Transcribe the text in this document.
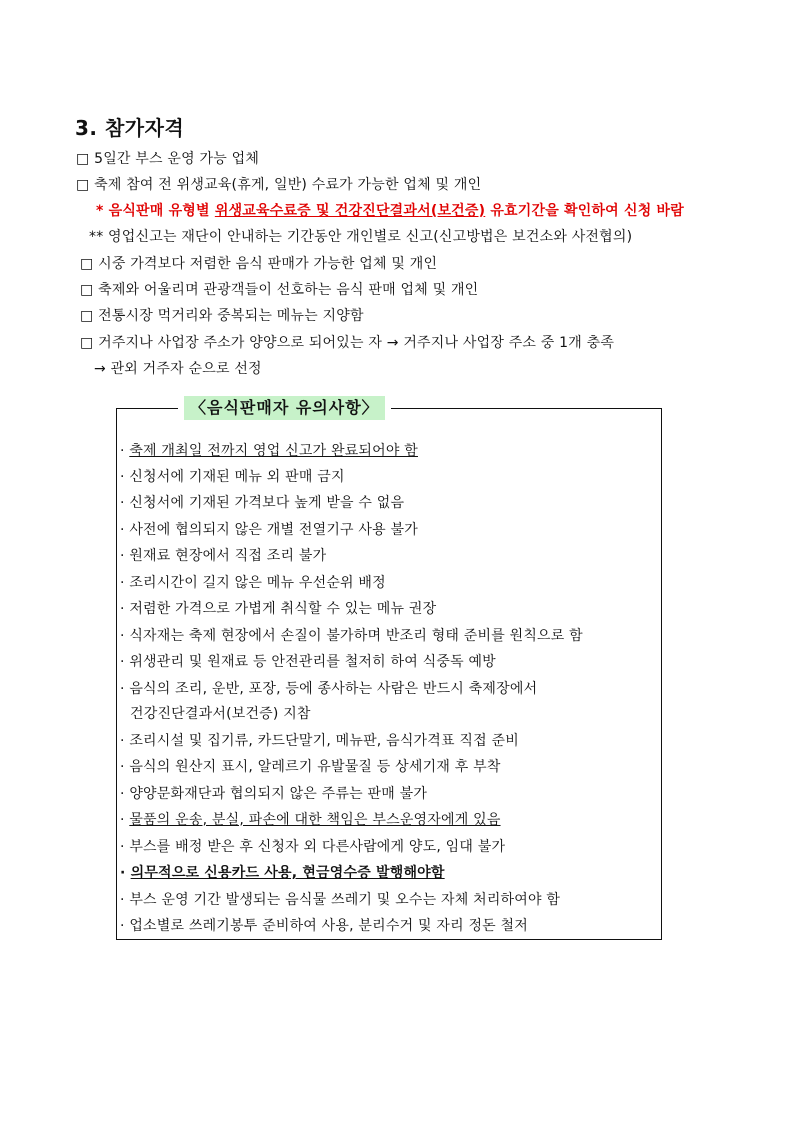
3. 참가자격
□ 5일간 부스 운영 가능 업체
□ 축제 참여 전 위생교육(휴게, 일반) 수료가 가능한 업체 및 개인
* 음식판매 유형별 위생교육수료증 및 건강진단결과서(보건증) 유효기간을 확인하여 신청 바람
** 영업신고는 재단이 안내하는 기간동안 개인별로 신고(신고방법은 보건소와 사전협의)
□ 시중 가격보다 저렴한 음식 판매가 가능한 업체 및 개인
□ 축제와 어울리며 관광객들이 선호하는 음식 판매 업체 및 개인
□ 전통시장 먹거리와 중복되는 메뉴는 지양함
□ 거주지나 사업장 주소가 양양으로 되어있는 자 → 거주지나 사업장 주소 중 1개 충족
→ 관외 거주자 순으로 선정
〈음식판매자 유의사항〉
· 축제 개최일 전까지 영업 신고가 완료되어야 함
· 신청서에 기재된 메뉴 외 판매 금지
· 신청서에 기재된 가격보다 높게 받을 수 없음
· 사전에 협의되지 않은 개별 전열기구 사용 불가
· 원재료 현장에서 직접 조리 불가
· 조리시간이 길지 않은 메뉴 우선순위 배정
· 저렴한 가격으로 가볍게 취식할 수 있는 메뉴 권장
· 식자재는 축제 현장에서 손질이 불가하며 반조리 형태 준비를 원칙으로 함
· 위생관리 및 원재료 등 안전관리를 철저히 하여 식중독 예방
· 음식의 조리, 운반, 포장, 등에 종사하는 사람은 반드시 축제장에서
건강진단결과서(보건증) 지참
· 조리시설 및 집기류, 카드단말기, 메뉴판, 음식가격표 직접 준비
· 음식의 원산지 표시, 알레르기 유발물질 등 상세기재 후 부착
· 양양문화재단과 협의되지 않은 주류는 판매 불가
· 물품의 운송, 분실, 파손에 대한 책임은 부스운영자에게 있음
· 부스를 배정 받은 후 신청자 외 다른사람에게 양도, 임대 불가
· 의무적으로 신용카드 사용, 현금영수증 발행해야함
· 부스 운영 기간 발생되는 음식물 쓰레기 및 오수는 자체 처리하여야 함
· 업소별로 쓰레기봉투 준비하여 사용, 분리수거 및 자리 정돈 철저
